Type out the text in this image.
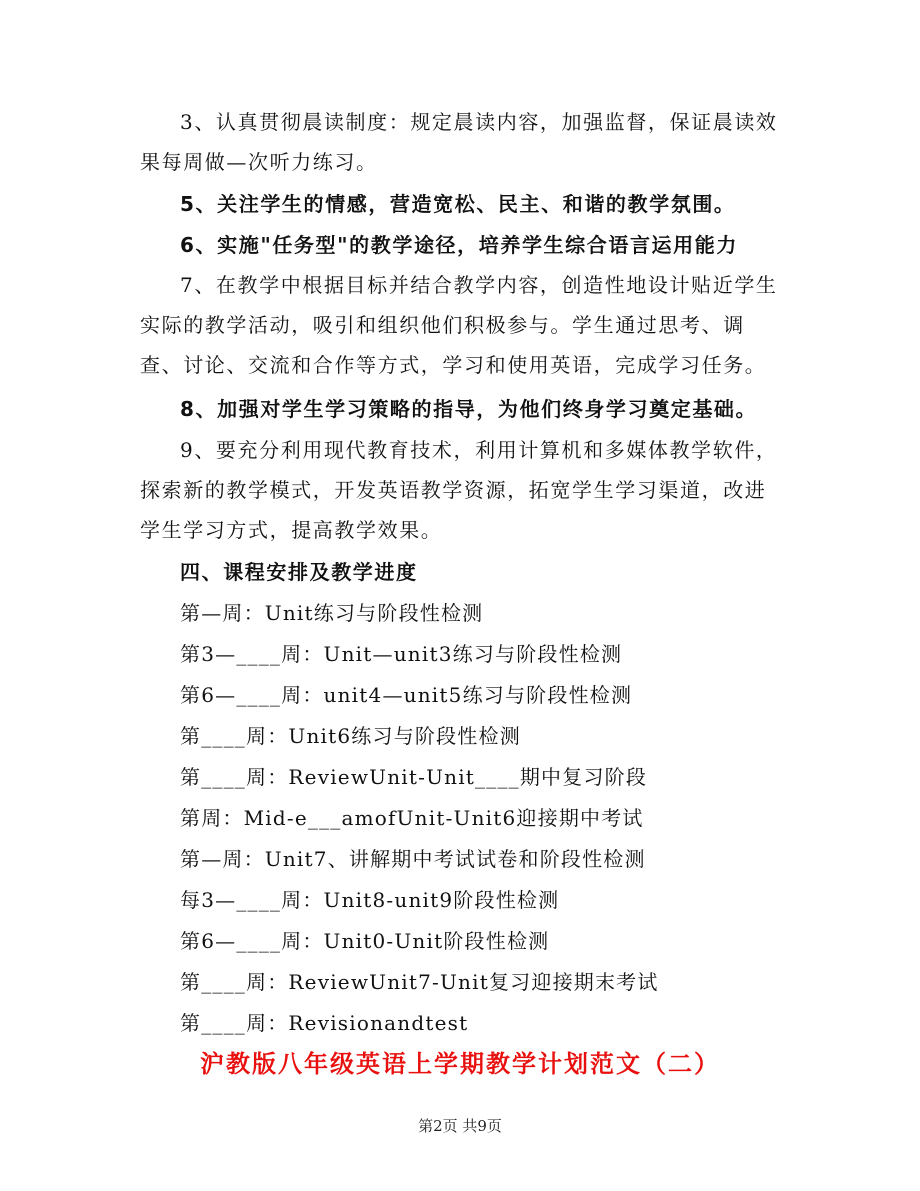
3、认真贯彻晨读制度：规定晨读内容，加强监督，保证晨读效果每周做—次听力练习。

5、关注学生的情感，营造宽松、民主、和谐的教学氛围。

6、实施"任务型"的教学途径，培养学生综合语言运用能力

7、在教学中根据目标并结合教学内容，创造性地设计贴近学生实际的教学活动，吸引和组织他们积极参与。学生通过思考、调查、讨论、交流和合作等方式，学习和使用英语，完成学习任务。

8、加强对学生学习策略的指导，为他们终身学习奠定基础。

9、要充分利用现代教育技术，利用计算机和多媒体教学软件，探索新的教学模式，开发英语教学资源，拓宽学生学习渠道，改进学生学习方式，提高教学效果。

四、课程安排及教学进度

第—周：Unit练习与阶段性检测

第3—____周：Unit—unit3练习与阶段性检测

第6—____周：unit4—unit5练习与阶段性检测

第____周：Unit6练习与阶段性检测

第____周：ReviewUnit-Unit____期中复习阶段

第周：Mid-e___amofUnit-Unit6迎接期中考试

第—周：Unit7、讲解期中考试试卷和阶段性检测

每3—____周：Unit8-unit9阶段性检测

第6—____周：Unit0-Unit阶段性检测

第____周：ReviewUnit7-Unit复习迎接期末考试

第____周：Revisionandtest

沪教版八年级英语上学期教学计划范文（二）

第2页 共9页
